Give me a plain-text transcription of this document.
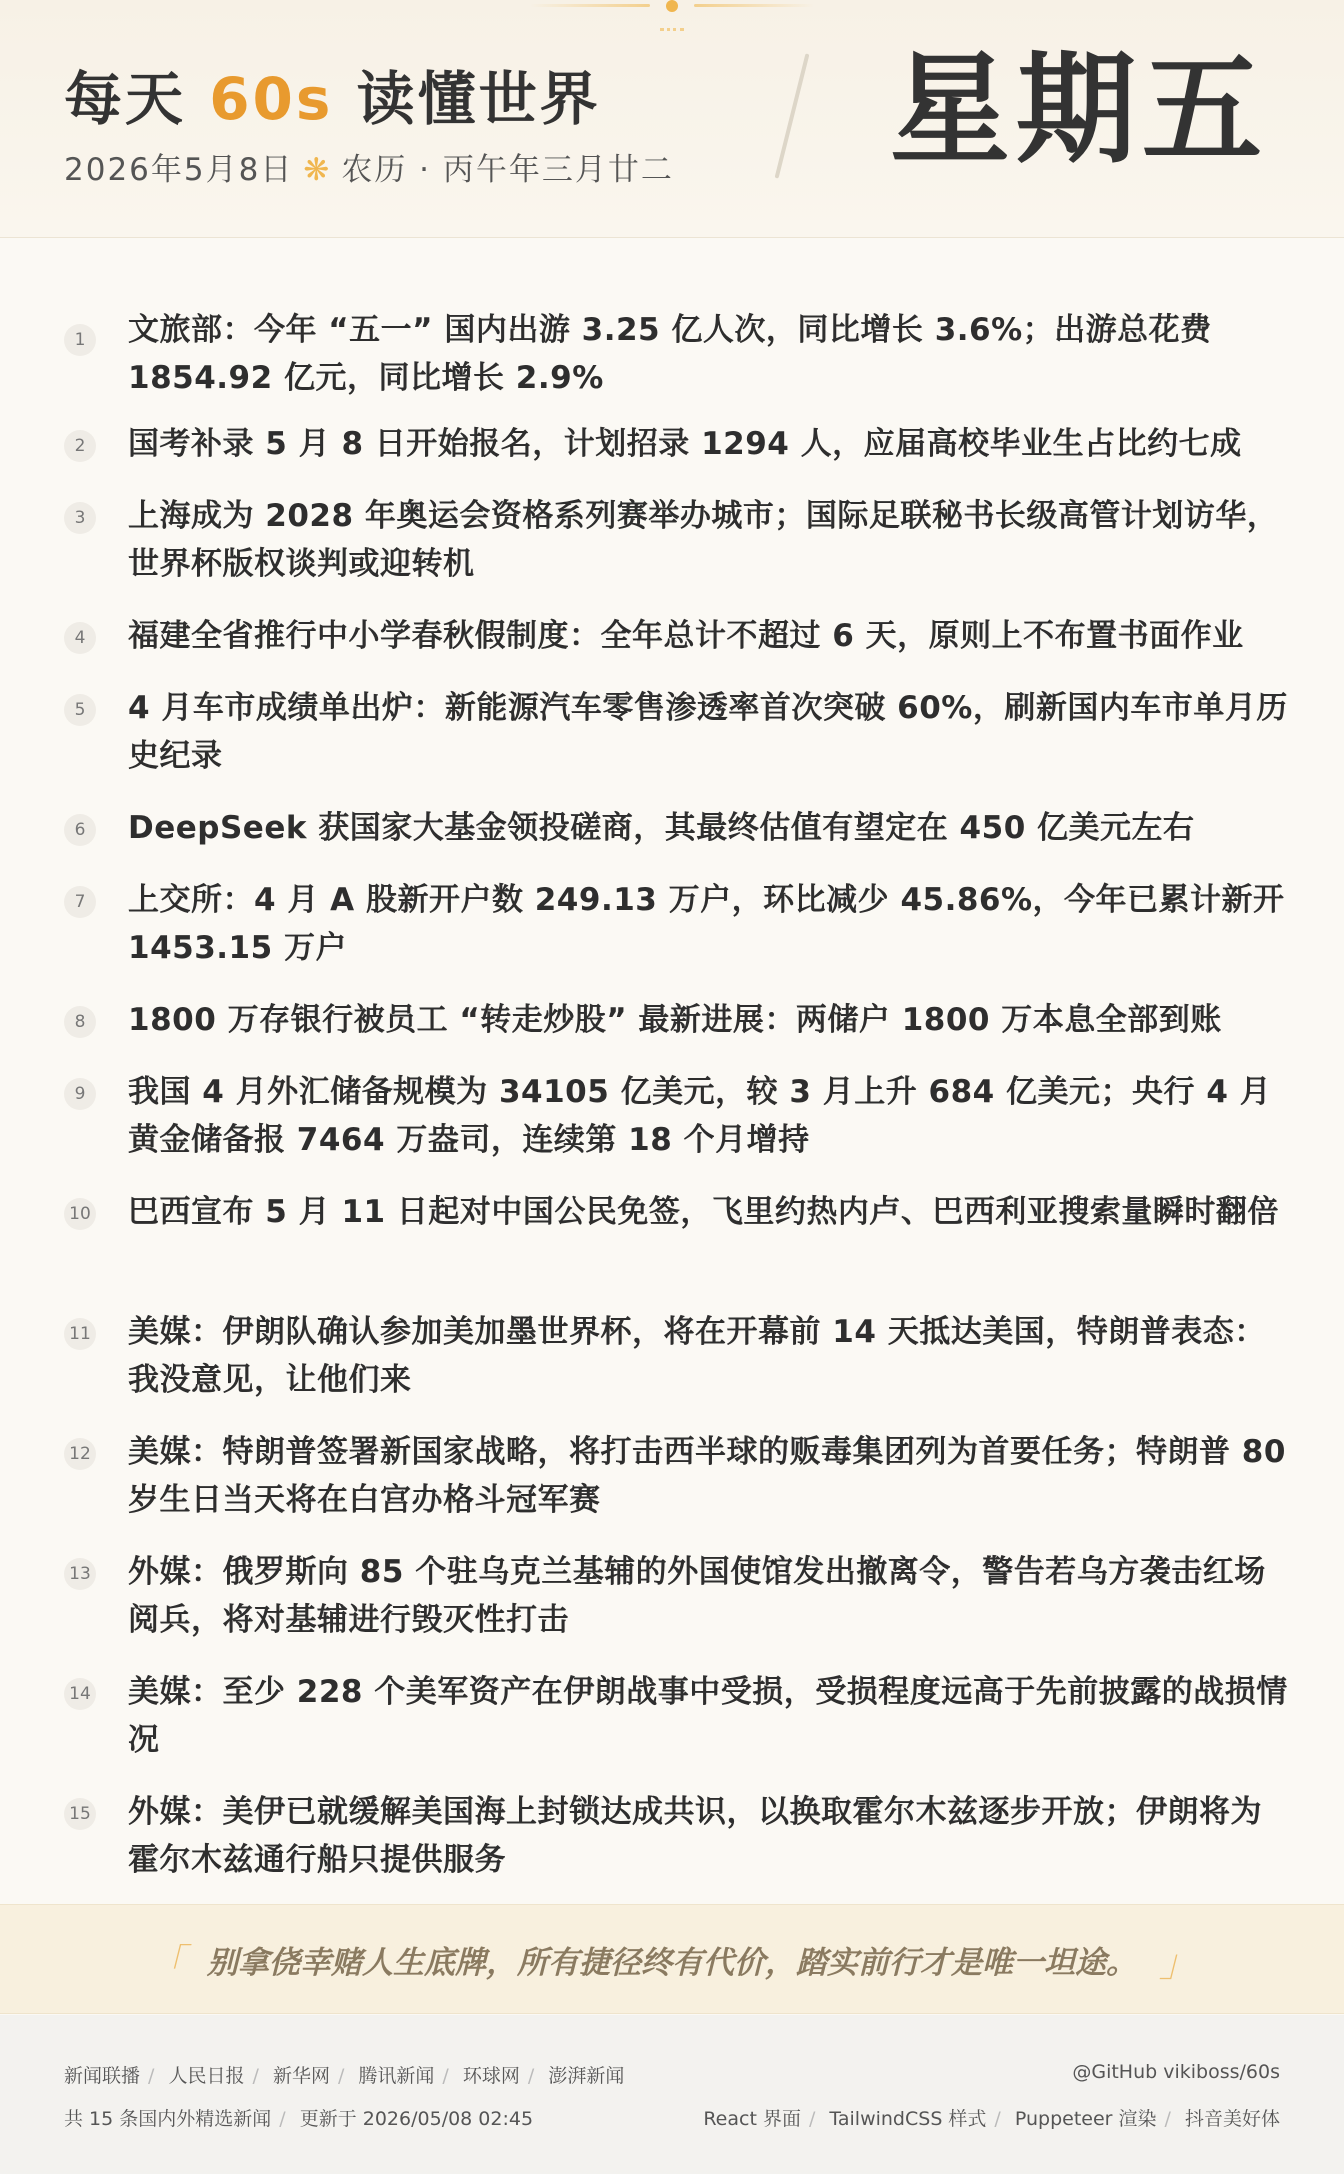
每天 60s 读懂世界
2026年5月8日 ❋ 农历 · 丙午年三月廿二 星期五
1	文旅部：今年 “五一” 国内出游 3.25 亿人次，同比增长 3.6%；出游总花费 1854.92 亿元，同比增长 2.9%
2	国考补录 5 月 8 日开始报名，计划招录 1294 人，应届高校毕业生占比约七成
3	上海成为 2028 年奥运会资格系列赛举办城市；国际足联秘书长级高管计划访华，世界杯版权谈判或迎转机
4	福建全省推行中小学春秋假制度：全年总计不超过 6 天，原则上不布置书面作业
5	4 月车市成绩单出炉：新能源汽车零售渗透率首次突破 60%，刷新国内车市单月历史纪录
6	DeepSeek 获国家大基金领投磋商，其最终估值有望定在 450 亿美元左右
7	上交所：4 月 A 股新开户数 249.13 万户，环比减少 45.86%，今年已累计新开 1453.15 万户
8	1800 万存银行被员工 “转走炒股” 最新进展：两储户 1800 万本息全部到账
9	我国 4 月外汇储备规模为 34105 亿美元，较 3 月上升 684 亿美元；央行 4 月黄金储备报 7464 万盎司，连续第 18 个月增持
10 巴西宣布 5 月 11 日起对中国公民免签，飞里约热内卢、巴西利亚搜索量瞬时翻倍
11 美媒：伊朗队确认参加美加墨世界杯，将在开幕前 14 天抵达美国，特朗普表态：我没意见，让他们来
12 美媒：特朗普签署新国家战略，将打击西半球的贩毒集团列为首要任务；特朗普 80 岁生日当天将在白宫办格斗冠军赛
13 外媒：俄罗斯向 85 个驻乌克兰基辅的外国使馆发出撤离令，警告若乌方袭击红场阅兵，将对基辅进行毁灭性打击
14 美媒：至少 228 个美军资产在伊朗战事中受损，受损程度远高于先前披露的战损情况
15 外媒：美伊已就缓解美国海上封锁达成共识，以换取霍尔木兹逐步开放；伊朗将为霍尔木兹通行船只提供服务
「 别拿侥幸赌人生底牌，所有捷径终有代价，踏实前行才是唯一坦途。 」
新闻联播 / 人民日报 / 新华网 / 腾讯新闻 / 环球网 / 澎湃新闻
共 15 条国内外精选新闻 / 更新于 2026/05/08 02:45
@GitHub vikiboss/60s
React 界面 / TailwindCSS 样式 / Puppeteer 渲染 / 抖音美好体
